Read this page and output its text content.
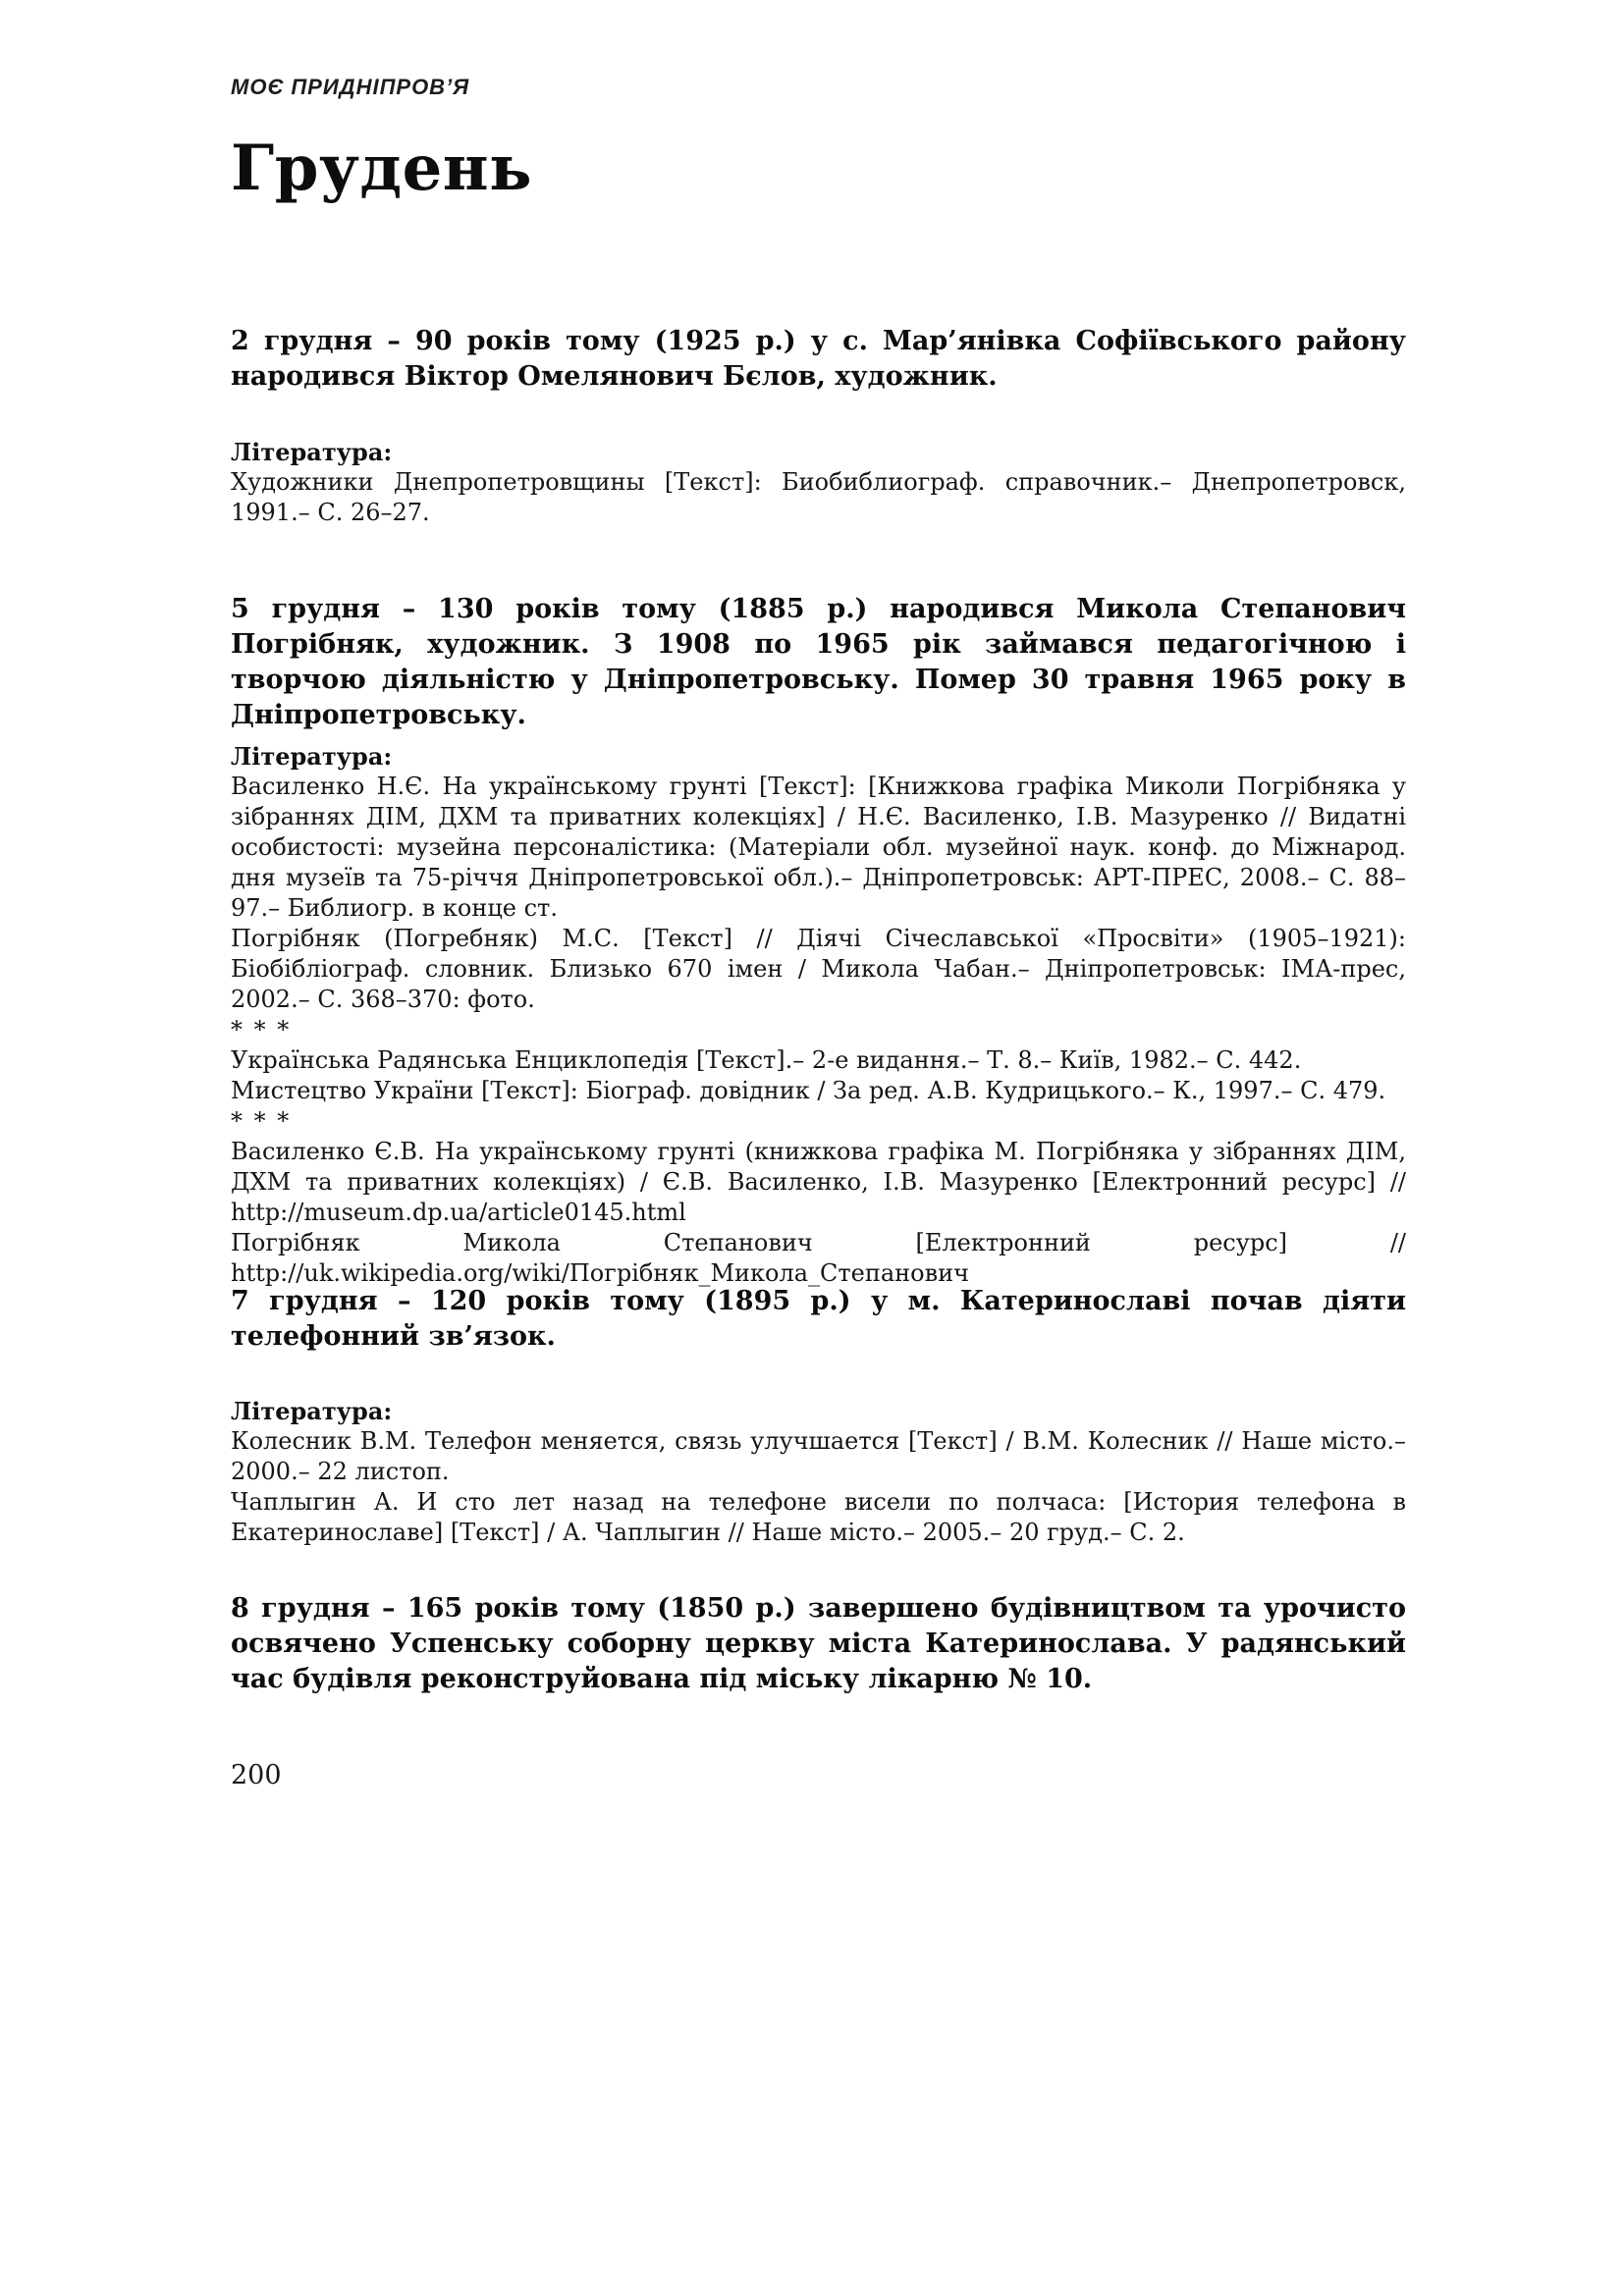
МОЄ ПРИДНІПРОВ’Я
Грудень

2 грудня – 90 років тому (1925 р.) у с. Мар’янівка Софіївського району народився Віктор Омелянович Бєлов, художник.

Література:

Художники Днепропетровщины [Текст]: Биобиблиограф. справочник.– Днепропетровск, 1991.– С. 26–27.

5 грудня – 130 років тому (1885 р.) народився Микола Степанович Погрібняк, художник. З 1908 по 1965 рік займався педагогічною і творчою діяльністю у Дніпропетровську. Помер 30 травня 1965 року в Дніпропетровську.

Література:

Василенко Н.Є. На українському грунті [Текст]: [Книжкова графіка Миколи Погрібняка у зібраннях ДІМ, ДХМ та приватних колекціях] / Н.Є. Василенко, І.В. Мазуренко // Видатні особистості: музейна персоналістика: (Матеріали обл. музейної наук. конф. до Міжнарод. дня музеїв та 75-річчя Дніпропетровської обл.).– Дніпропетровськ: АРТ-ПРЕС, 2008.– С. 88–97.– Библиогр. в конце ст.

Погрібняк (Погребняк) М.С. [Текст] // Діячі Січеславської «Просвіти» (1905–1921): Біобібліограф. словник. Близько 670 імен / Микола Чабан.– Дніпропетровськ: ІМА-прес, 2002.– С. 368–370: фото.

* * *

Українська Радянська Енциклопедія [Текст].– 2-е видання.– Т. 8.– Київ, 1982.– С. 442.

Мистецтво України [Текст]: Біограф. довідник / За ред. А.В. Кудрицького.– К., 1997.– С. 479.

* * *

Василенко Є.В. На українському грунті (книжкова графіка М. Погрібняка у зібраннях ДІМ, ДХМ та приватних колекціях) / Є.В. Василенко, І.В. Мазуренко [Електронний ресурс] //

http://museum.dp.ua/article0145.html

Погрібняк Микола Степанович [Електронний ресурс] //

http://uk.wikipedia.org/wiki/Погрібняк_Микола_Степанович

7 грудня – 120 років тому (1895 р.) у м. Катеринославі почав діяти телефонний зв’язок.

Література:

Колесник В.М. Телефон меняется, связь улучшается [Текст] / В.М. Колесник // Наше місто.– 2000.– 22 листоп.

Чаплыгин А. И сто лет назад на телефоне висели по полчаса: [История телефона в Екатеринославе] [Текст] / А. Чаплыгин // Наше місто.– 2005.– 20 груд.– С. 2.

8 грудня – 165 років тому (1850 р.) завершено будівництвом та урочисто освячено Успенську соборну церкву міста Катеринослава. У радянський час будівля реконструйована під міську лікарню № 10.

200
